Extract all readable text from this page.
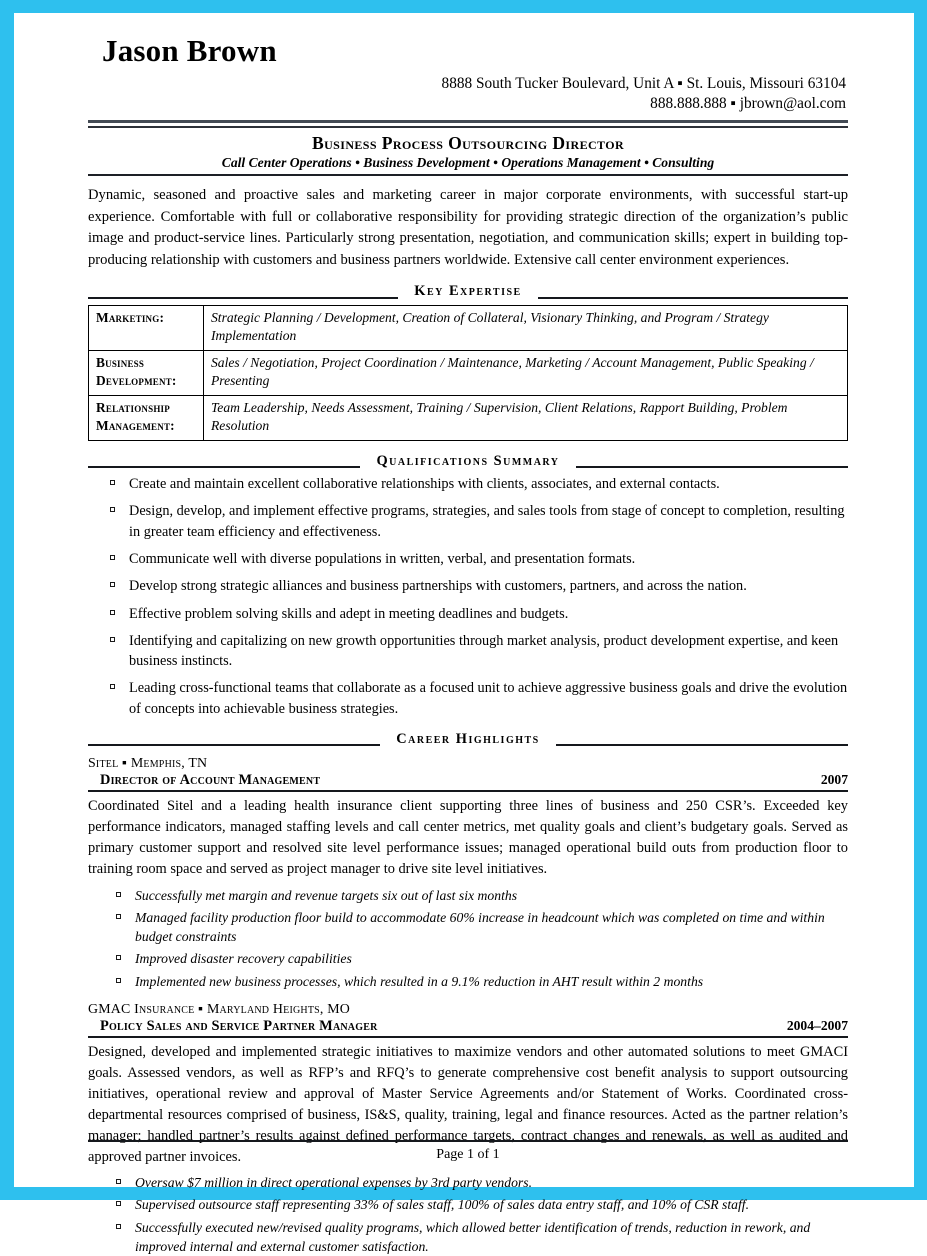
Jason Brown
8888 South Tucker Boulevard, Unit A ▪ St. Louis, Missouri 63104
888.888.888 ▪ jbrown@aol.com
Business Process Outsourcing Director
Call Center Operations • Business Development • Operations Management • Consulting

Dynamic, seasoned and proactive sales and marketing career in major corporate environments, with successful start-up experience. Comfortable with full or collaborative responsibility for providing strategic direction of the organization’s public image and product-service lines. Particularly strong presentation, negotiation, and communication skills; expert in building top-producing relationship with customers and business partners worldwide. Extensive call center environment experiences.

Key Expertise
Marketing:	Strategic Planning / Development, Creation of Collateral, Visionary Thinking, and Program / Strategy Implementation
Business Development:	Sales / Negotiation, Project Coordination / Maintenance, Marketing / Account Management, Public Speaking / Presenting
Relationship Management:	Team Leadership, Needs Assessment, Training / Supervision, Client Relations, Rapport Building, Problem Resolution
Qualifications Summary
Create and maintain excellent collaborative relationships with clients, associates, and external contacts.
Design, develop, and implement effective programs, strategies, and sales tools from stage of concept to completion, resulting in greater team efficiency and effectiveness.
Communicate well with diverse populations in written, verbal, and presentation formats.
Develop strong strategic alliances and business partnerships with customers, partners, and across the nation.
Effective problem solving skills and adept in meeting deadlines and budgets.
Identifying and capitalizing on new growth opportunities through market analysis, product development expertise, and keen business instincts.
Leading cross-functional teams that collaborate as a focused unit to achieve aggressive business goals and drive the evolution of concepts into achievable business strategies.
Career Highlights
Sitel ▪ Memphis, TN
Director of Account Management	2007

Coordinated Sitel and a leading health insurance client supporting three lines of business and 250 CSR’s. Exceeded key performance indicators, managed staffing levels and call center metrics, met quality goals and client’s budgetary goals. Served as primary customer support and resolved site level performance issues; managed operational build outs from production floor to training room space and served as project manager to drive site level initiatives.

Successfully met margin and revenue targets six out of last six months
Managed facility production floor build to accommodate 60% increase in headcount which was completed on time and within budget constraints
Improved disaster recovery capabilities
Implemented new business processes, which resulted in a 9.1% reduction in AHT result within 2 months
GMAC Insurance ▪ Maryland Heights, MO
Policy Sales and Service Partner Manager	2004–2007

Designed, developed and implemented strategic initiatives to maximize vendors and other automated solutions to meet GMACI goals. Assessed vendors, as well as RFP’s and RFQ’s to generate comprehensive cost benefit analysis to support outsourcing initiatives, operational review and approval of Master Service Agreements and/or Statement of Works. Coordinated cross-departmental resources comprised of business, IS&S, quality, training, legal and finance resources. Acted as the partner relation’s manager; handled partner’s results against defined performance targets, contract changes and renewals, as well as audited and approved partner invoices.

Oversaw $7 million in direct operational expenses by 3rd party vendors.
Supervised outsource staff representing 33% of sales staff, 100% of sales data entry staff, and 10% of CSR staff.
Successfully executed new/revised quality programs, which allowed better identification of trends, reduction in rework, and improved internal and external customer satisfaction.
Page 1 of 1
